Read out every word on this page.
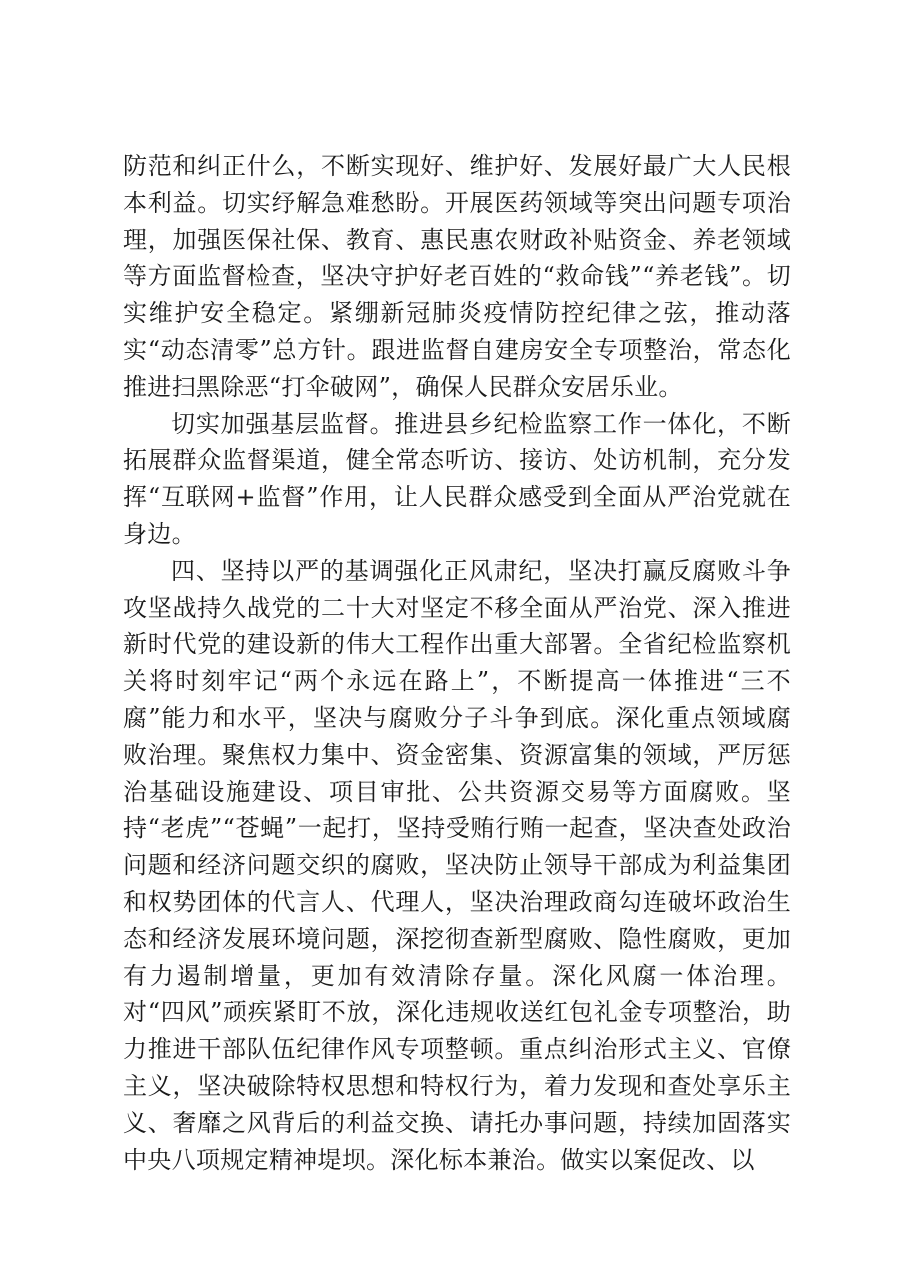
防范和纠正什么，不断实现好、维护好、发展好最广大人民根本利益。切实纾解急难愁盼。开展医药领域等突出问题专项治理，加强医保社保、教育、惠民惠农财政补贴资金、养老领域等方面监督检查，坚决守护好老百姓的“救命钱”“养老钱”。切实维护安全稳定。紧绷新冠肺炎疫情防控纪律之弦，推动落实“动态清零”总方针。跟进监督自建房安全专项整治，常态化推进扫黑除恶“打伞破网”，确保人民群众安居乐业。

切实加强基层监督。推进县乡纪检监察工作一体化，不断拓展群众监督渠道，健全常态听访、接访、处访机制，充分发挥“互联网+监督”作用，让人民群众感受到全面从严治党就在身边。

四、坚持以严的基调强化正风肃纪，坚决打赢反腐败斗争攻坚战持久战党的二十大对坚定不移全面从严治党、深入推进新时代党的建设新的伟大工程作出重大部署。全省纪检监察机关将时刻牢记“两个永远在路上”，不断提高一体推进“三不腐”能力和水平，坚决与腐败分子斗争到底。深化重点领域腐败治理。聚焦权力集中、资金密集、资源富集的领域，严厉惩治基础设施建设、项目审批、公共资源交易等方面腐败。坚持“老虎”“苍蝇”一起打，坚持受贿行贿一起查，坚决查处政治问题和经济问题交织的腐败，坚决防止领导干部成为利益集团和权势团体的代言人、代理人，坚决治理政商勾连破坏政治生态和经济发展环境问题，深挖彻查新型腐败、隐性腐败，更加有力遏制增量，更加有效清除存量。深化风腐一体治理。对“四风”顽疾紧盯不放，深化违规收送红包礼金专项整治，助力推进干部队伍纪律作风专项整顿。重点纠治形式主义、官僚主义，坚决破除特权思想和特权行为，着力发现和查处享乐主义、奢靡之风背后的利益交换、请托办事问题，持续加固落实中央八项规定精神堤坝。深化标本兼治。做实以案促改、以
